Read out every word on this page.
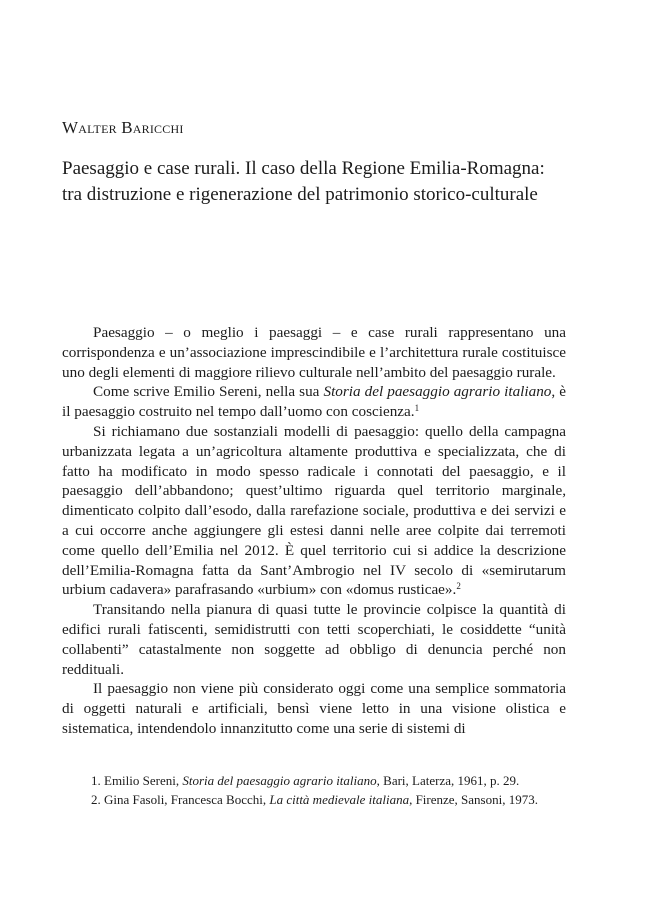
Walter Baricchi
Paesaggio e case rurali. Il caso della Regione Emilia-Romagna:
tra distruzione e rigenerazione del patrimonio storico-culturale

Paesaggio – o meglio i paesaggi – e case rurali rappresentano una corrispondenza e un’associazione imprescindibile e l’architettura rurale costituisce uno degli elementi di maggiore rilievo culturale nell’ambito del paesaggio rurale.

Come scrive Emilio Sereni, nella sua Storia del paesaggio agrario italiano, è il paesaggio costruito nel tempo dall’uomo con coscienza.$^1$

Si richiamano due sostanziali modelli di paesaggio: quello della campagna urbanizzata legata a un’agricoltura altamente produttiva e specializzata, che di fatto ha modificato in modo spesso radicale i connotati del paesaggio, e il paesaggio dell’abbandono; quest’ultimo riguarda quel territorio marginale, dimenticato colpito dall’esodo, dalla rarefazione sociale, produttiva e dei servizi e a cui occorre anche aggiungere gli estesi danni nelle aree colpite dai terremoti come quello dell’Emilia nel 2012. È quel territorio cui si addice la descrizione dell’Emilia-Romagna fatta da Sant’Ambrogio nel IV secolo di «semirutarum urbium cadavera» parafrasando «urbium» con «domus rusticae».$^2$

Transitando nella pianura di quasi tutte le provincie colpisce la quantità di edifici rurali fatiscenti, semidistrutti con tetti scoperchiati, le cosiddette “unità collabenti” catastalmente non soggette ad obbligo di denuncia perché non reddituali.

Il paesaggio non viene più considerato oggi come una semplice sommatoria di oggetti naturali e artificiali, bensì viene letto in una visione olistica e sistematica, intendendolo innanzitutto come una serie di sistemi di

1. Emilio Sereni, Storia del paesaggio agrario italiano, Bari, Laterza, 1961, p. 29.

2. Gina Fasoli, Francesca Bocchi, La città medievale italiana, Firenze, Sansoni, 1973.
